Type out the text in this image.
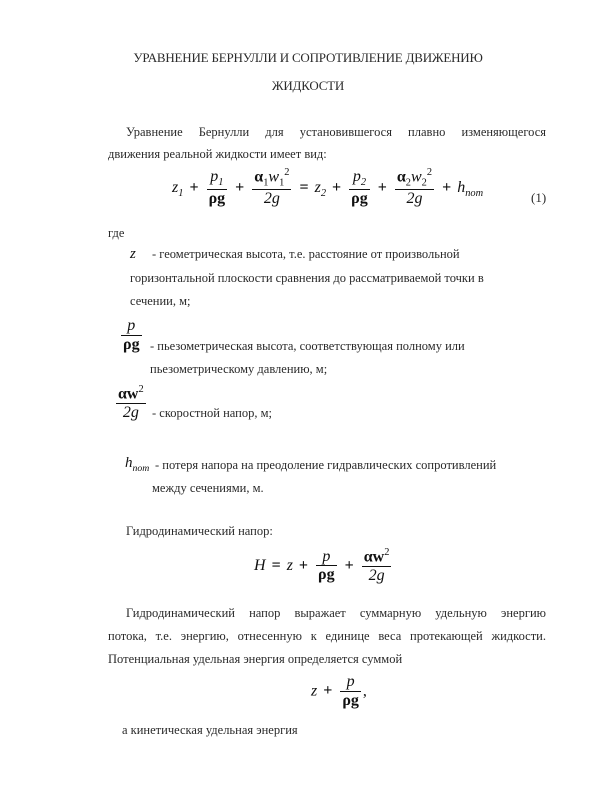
УРАВНЕНИЕ БЕРНУЛЛИ И СОПРОТИВЛЕНИЕ ДВИЖЕНИЮ
ЖИДКОСТИ
Уравнение Бернулли для установившегося плавно изменяющегося
движения реальной жидкости имеет вид:
$z_1 + \frac{p_1}{\rho g} + \frac{\alpha_1w_1^2}{2g} = z_2 + \frac{p_2}{\rho g} + \frac{\alpha_2w_2^2}{2g} + h_{пот}$	(1)
где
z - геометрическая высота, т.е. расстояние от произвольной
горизонтальной плоскости сравнения до рассматриваемой точки в
сечении, м;
$\frac{p}{\rho g}$ - пьезометрическая высота, соответствующая полному или
пьезометрическому давлению, м;
$\frac{\alpha w^2}{2g}$ - скоростной напор, м;
$h_{пот}$ - потеря напора на преодоление гидравлических сопротивлений
между сечениями, м.
Гидродинамический напор:
$H = z + \frac{p}{\rho g} + \frac{\alpha w^2}{2g}$
Гидродинамический напор выражает суммарную удельную энергию
потока, т.е. энергию, отнесенную к единице веса протекающей жидкости.
Потенциальная удельная энергия определяется суммой
$z + \frac{p}{\rho g}$ ,
а кинетическая удельная энергия
